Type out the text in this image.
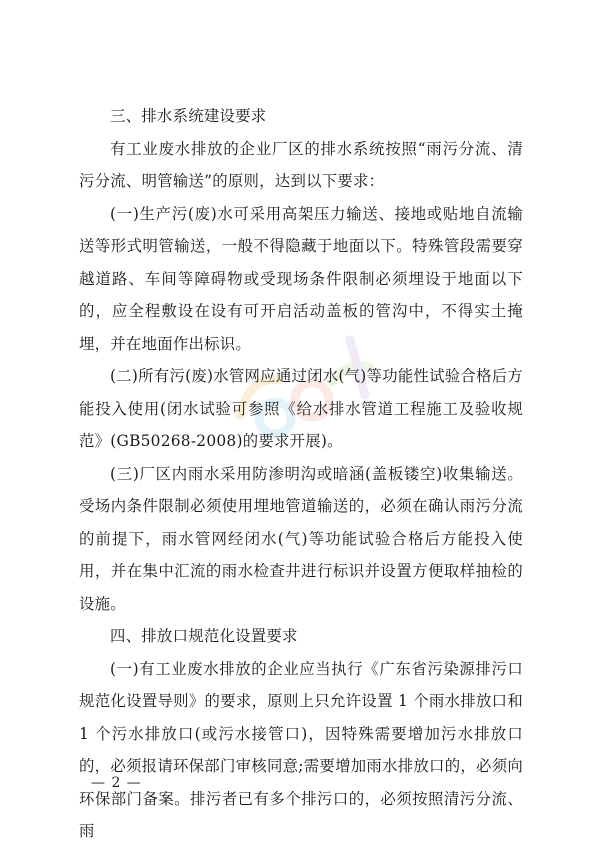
三、排水系统建设要求

有工业废水排放的企业厂区的排水系统按照“雨污分流、清污分流、明管输送”的原则，达到以下要求：

(一)生产污(废)水可采用高架压力输送、接地或贴地自流输送等形式明管输送，一般不得隐藏于地面以下。特殊管段需要穿越道路、车间等障碍物或受现场条件限制必须埋设于地面以下的，应全程敷设在设有可开启活动盖板的管沟中，不得实土掩埋，并在地面作出标识。

(二)所有污(废)水管网应通过闭水(气)等功能性试验合格后方能投入使用(闭水试验可参照《给水排水管道工程施工及验收规范》(GB50268-2008)的要求开展)。

(三)厂区内雨水采用防渗明沟或暗涵(盖板镂空)收集输送。受场内条件限制必须使用埋地管道输送的，必须在确认雨污分流的前提下，雨水管网经闭水(气)等功能试验合格后方能投入使用，并在集中汇流的雨水检查井进行标识并设置方便取样抽检的设施。

四、排放口规范化设置要求

(一)有工业废水排放的企业应当执行《广东省污染源排污口规范化设置导则》的要求，原则上只允许设置 1 个雨水排放口和 1 个污水排放口(或污水接管口)，因特殊需要增加污水排放口的，必须报请环保部门审核同意;需要增加雨水排放口的，必须向环保部门备案。排污者已有多个排污口的，必须按照清污分流、雨

— 2 —
